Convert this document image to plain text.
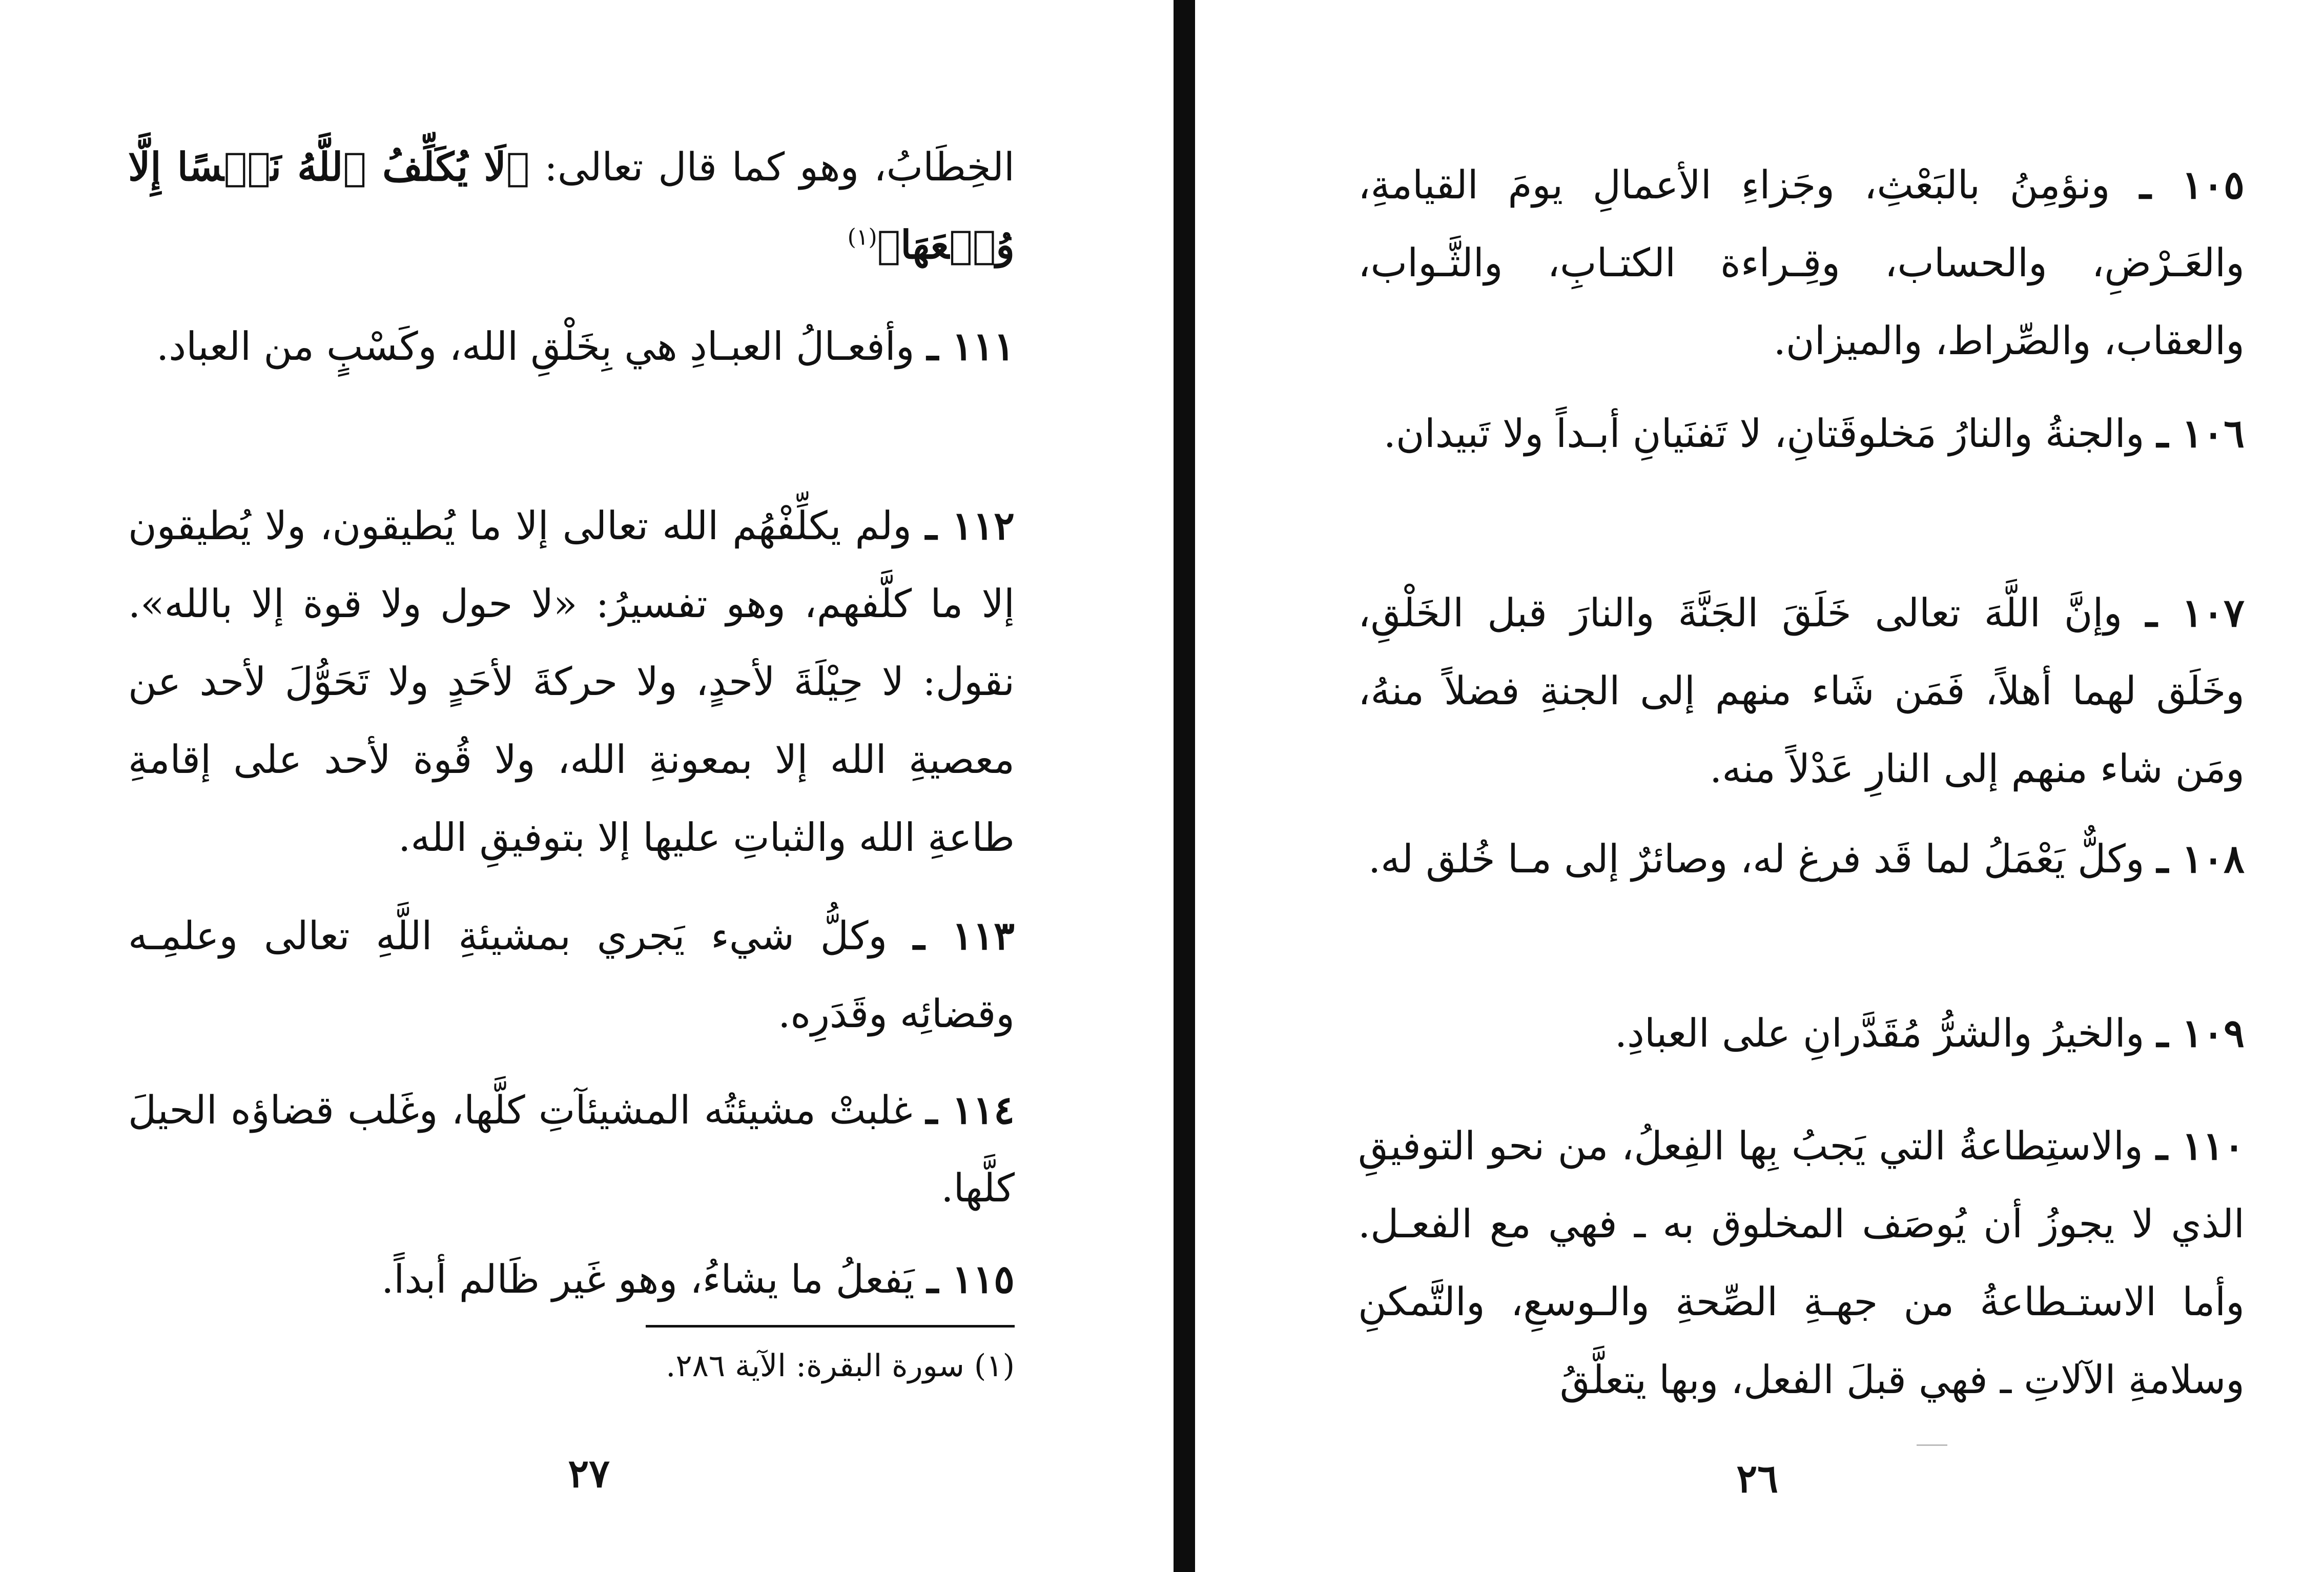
الخِطَابُ، وهو كما قال تعالى: ﴿لَا يُكَلِّفُ ٱللَّهُ نَفۡسًا إِلَّا وُسۡعَهَا﴾$^{(١)}$

١١١ ـ وأفعـالُ العبـادِ هي بِخَلْقِ الله، وكَسْبٍ من العباد.

١١٢ ـ ولم يكلِّفْهُم الله تعالى إلا ما يُطيقون، ولا يُطيقون إلا ما كلَّفهم، وهو تفسيرُ: «لا حول ولا قوة إلا بالله». نقول: لا حِيْلَةَ لأحدٍ، ولا حركةَ لأحَدٍ ولا تَحَوُّلَ لأحد عن معصيةِ الله إلا بمعونةِ الله، ولا قُوة لأحد على إقامةِ طاعةِ الله والثباتِ عليها إلا بتوفيقِ الله.

١١٣ ـ وكلُّ شيء يَجري بمشيئةِ اللَّهِ تعالى وعلمِـه وقضائِه وقَدَرِه.

١١٤ ـ غلبتْ مشيئتُه المشيئآتِ كلَّها، وغَلب قضاؤه الحيلَ كلَّها.

١١٥ ـ يَفعلُ ما يشاءُ، وهو غَير ظَالم أبداً.

(١) سورة البقرة: الآية ٢٨٦.
٢٧

١٠٥ ـ ونؤمِنُ بالبَعْثِ، وجَزاءِ الأعمالِ يومَ القيامةِ، والعَـرْضِ، والحساب، وقِـراءة الكتـابِ، والثَّـواب، والعقاب، والصِّراط، والميزان.

١٠٦ ـ والجنةُ والنارُ مَخلوقَتانِ، لا تَفنَيانِ أبـداً ولا تَبيدان.

١٠٧ ـ وإنَّ اللَّهَ تعالى خَلَقَ الجَنَّةَ والنارَ قبل الخَلْقِ، وخَلَق لهما أهلاً، فَمَن شَاء منهم إلى الجنةِ فضلاً منهُ، ومَن شاء منهم إلى النارِ عَدْلاً منه.

١٠٨ ـ وكلٌّ يَعْمَلُ لما قَد فرغ له، وصائرٌ إلى مـا خُلق له.

١٠٩ ـ والخيرُ والشرُّ مُقَدَّرانِ على العبادِ.

١١٠ ـ والاستِطاعةُ التي يَجبُ بِها الفِعلُ، من نحو التوفيقِ الذي لا يجوزُ أن يُوصَف المخلوق به ـ فهي مع الفعـل. وأما الاستـطاعةُ من جهـةِ الصِّحةِ والـوسعِ، والتَّمكنِ وسلامةِ الآلاتِ ـ فهي قبلَ الفعل، وبها يتعلَّقُ

٢٦
